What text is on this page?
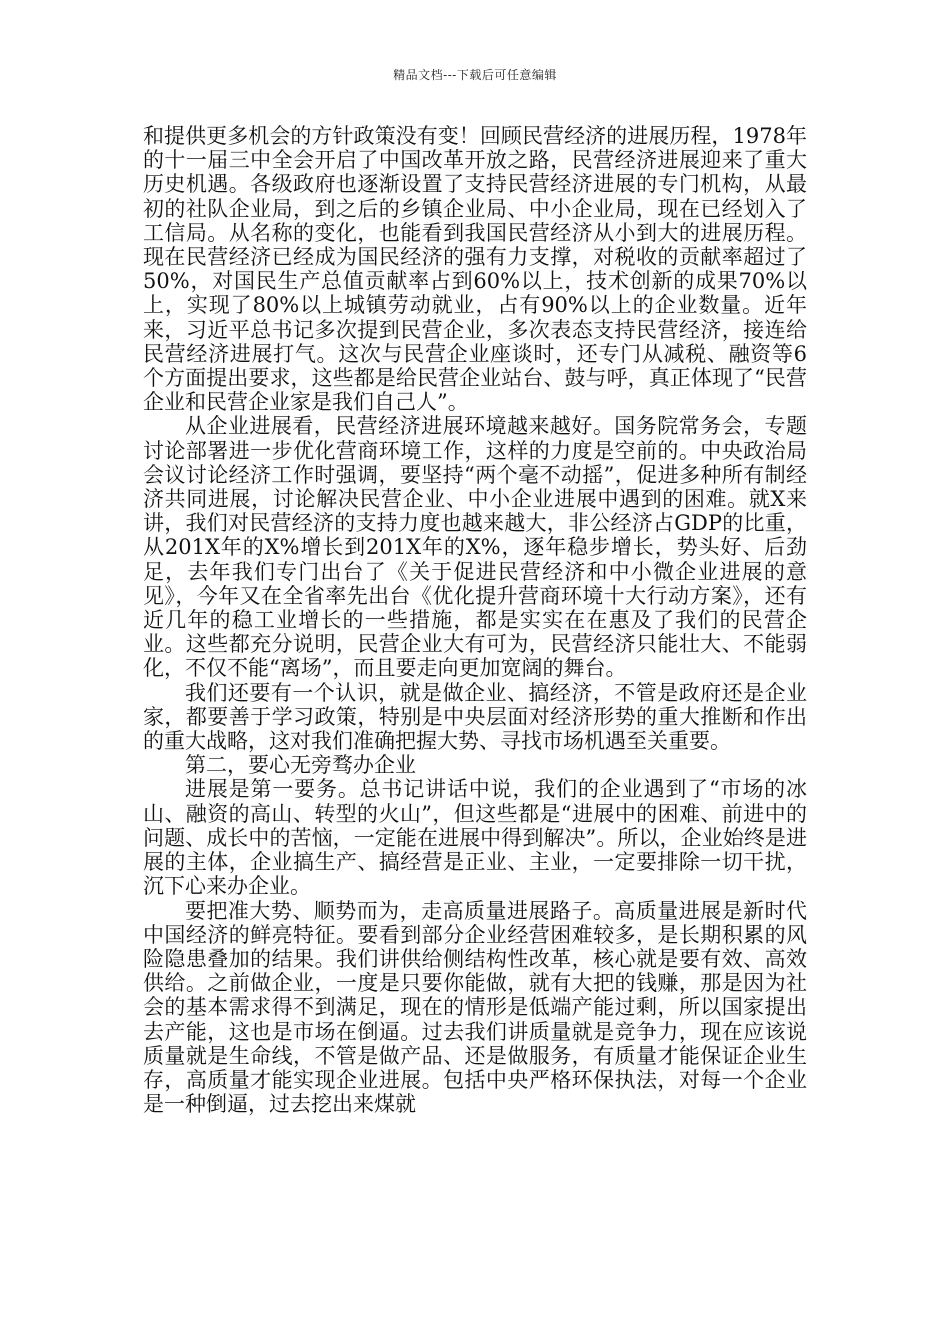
精品文档---下载后可任意编辑

和提供更多机会的方针政策没有变！回顾民营经济的进展历程，1978年的十一届三中全会开启了中国改革开放之路，民营经济进展迎来了重大历史机遇。各级政府也逐渐设置了支持民营经济进展的专门机构，从最初的社队企业局，到之后的乡镇企业局、中小企业局，现在已经划入了工信局。从名称的变化，也能看到我国民营经济从小到大的进展历程。现在民营经济已经成为国民经济的强有力支撑，对税收的贡献率超过了50%，对国民生产总值贡献率占到60%以上，技术创新的成果70%以上，实现了80%以上城镇劳动就业，占有90%以上的企业数量。近年来，习近平总书记多次提到民营企业，多次表态支持民营经济，接连给民营经济进展打气。这次与民营企业座谈时，还专门从减税、融资等6个方面提出要求，这些都是给民营企业站台、鼓与呼，真正体现了“民营企业和民营企业家是我们自己人”。

从企业进展看，民营经济进展环境越来越好。国务院常务会，专题讨论部署进一步优化营商环境工作，这样的力度是空前的。中央政治局会议讨论经济工作时强调，要坚持“两个毫不动摇”，促进多种所有制经济共同进展，讨论解决民营企业、中小企业进展中遇到的困难。就X来讲，我们对民营经济的支持力度也越来越大，非公经济占GDP的比重，从201X年的X%增长到201X年的X%，逐年稳步增长，势头好、后劲足，去年我们专门出台了《关于促进民营经济和中小微企业进展的意见》，今年又在全省率先出台《优化提升营商环境十大行动方案》，还有近几年的稳工业增长的一些措施，都是实实在在惠及了我们的民营企业。这些都充分说明，民营企业大有可为，民营经济只能壮大、不能弱化，不仅不能“离场”，而且要走向更加宽阔的舞台。

我们还要有一个认识，就是做企业、搞经济，不管是政府还是企业家，都要善于学习政策，特别是中央层面对经济形势的重大推断和作出的重大战略，这对我们准确把握大势、寻找市场机遇至关重要。

第二，要心无旁骛办企业

进展是第一要务。总书记讲话中说，我们的企业遇到了“市场的冰山、融资的高山、转型的火山”，但这些都是“进展中的困难、前进中的问题、成长中的苦恼，一定能在进展中得到解决”。所以，企业始终是进展的主体，企业搞生产、搞经营是正业、主业，一定要排除一切干扰，沉下心来办企业。

要把准大势、顺势而为，走高质量进展路子。高质量进展是新时代中国经济的鲜亮特征。要看到部分企业经营困难较多，是长期积累的风险隐患叠加的结果。我们讲供给侧结构性改革，核心就是要有效、高效供给。之前做企业，一度是只要你能做，就有大把的钱赚，那是因为社会的基本需求得不到满足，现在的情形是低端产能过剩，所以国家提出去产能，这也是市场在倒逼。过去我们讲质量就是竞争力，现在应该说质量就是生命线，不管是做产品、还是做服务，有质量才能保证企业生存，高质量才能实现企业进展。包括中央严格环保执法，对每一个企业是一种倒逼，过去挖出来煤就
